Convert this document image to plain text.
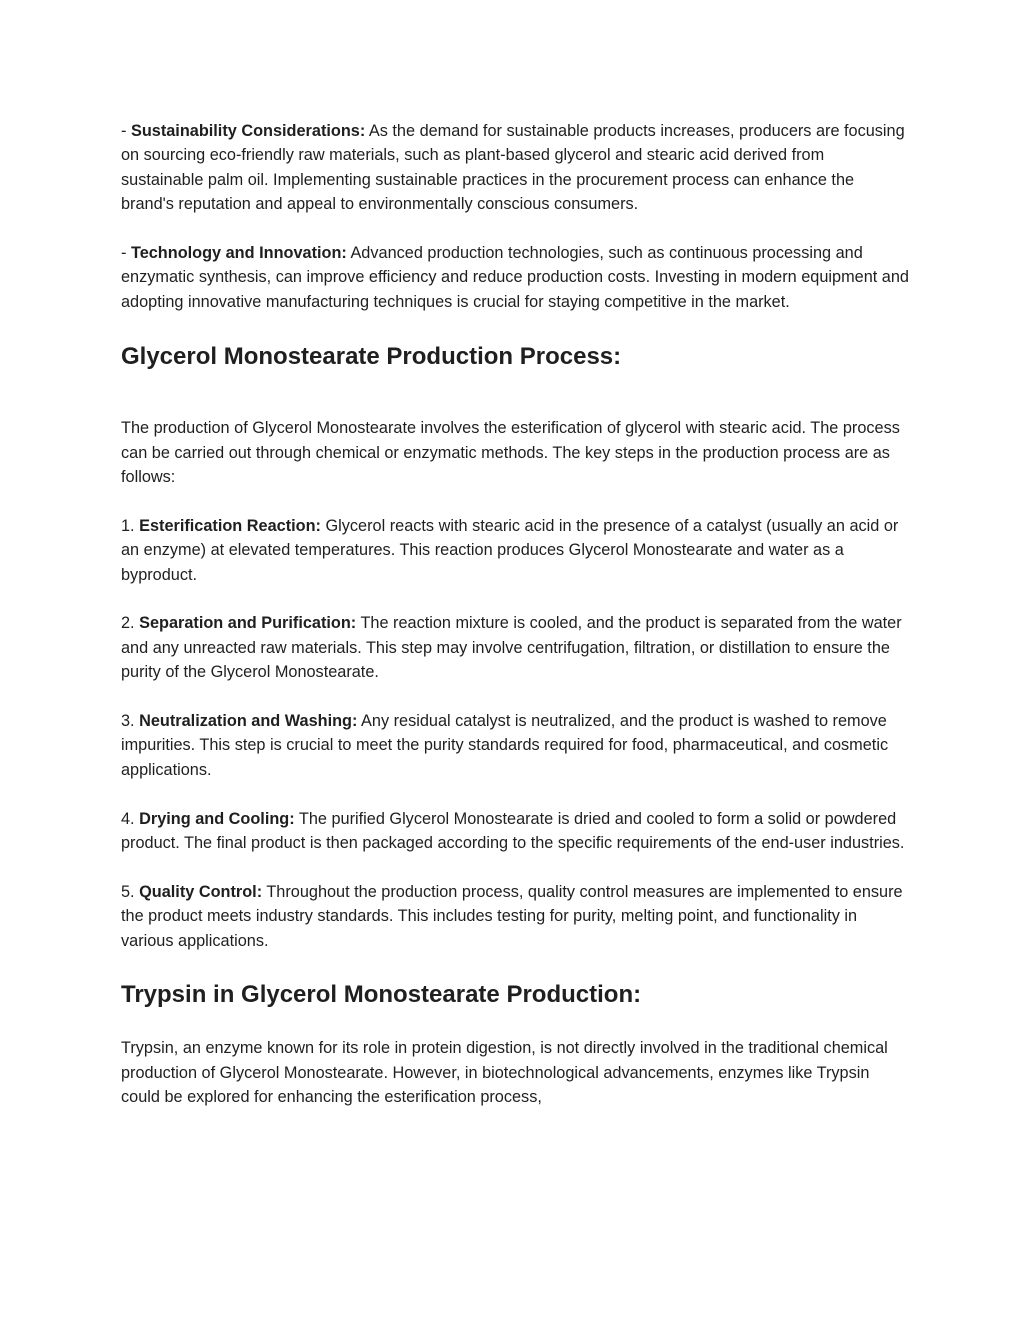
- Sustainability Considerations: As the demand for sustainable products increases, producers are focusing on sourcing eco-friendly raw materials, such as plant-based glycerol and stearic acid derived from sustainable palm oil. Implementing sustainable practices in the procurement process can enhance the brand's reputation and appeal to environmentally conscious consumers.

- Technology and Innovation: Advanced production technologies, such as continuous processing and enzymatic synthesis, can improve efficiency and reduce production costs. Investing in modern equipment and adopting innovative manufacturing techniques is crucial for staying competitive in the market.

Glycerol Monostearate Production Process:

The production of Glycerol Monostearate involves the esterification of glycerol with stearic acid. The process can be carried out through chemical or enzymatic methods. The key steps in the production process are as follows:

1. Esterification Reaction: Glycerol reacts with stearic acid in the presence of a catalyst (usually an acid or an enzyme) at elevated temperatures. This reaction produces Glycerol Monostearate and water as a byproduct.

2. Separation and Purification: The reaction mixture is cooled, and the product is separated from the water and any unreacted raw materials. This step may involve centrifugation, filtration, or distillation to ensure the purity of the Glycerol Monostearate.

3. Neutralization and Washing: Any residual catalyst is neutralized, and the product is washed to remove impurities. This step is crucial to meet the purity standards required for food, pharmaceutical, and cosmetic applications.

4. Drying and Cooling: The purified Glycerol Monostearate is dried and cooled to form a solid or powdered product. The final product is then packaged according to the specific requirements of the end-user industries.

5. Quality Control: Throughout the production process, quality control measures are implemented to ensure the product meets industry standards. This includes testing for purity, melting point, and functionality in various applications.

Trypsin in Glycerol Monostearate Production:

Trypsin, an enzyme known for its role in protein digestion, is not directly involved in the traditional chemical production of Glycerol Monostearate. However, in biotechnological advancements, enzymes like Trypsin could be explored for enhancing the esterification process,
